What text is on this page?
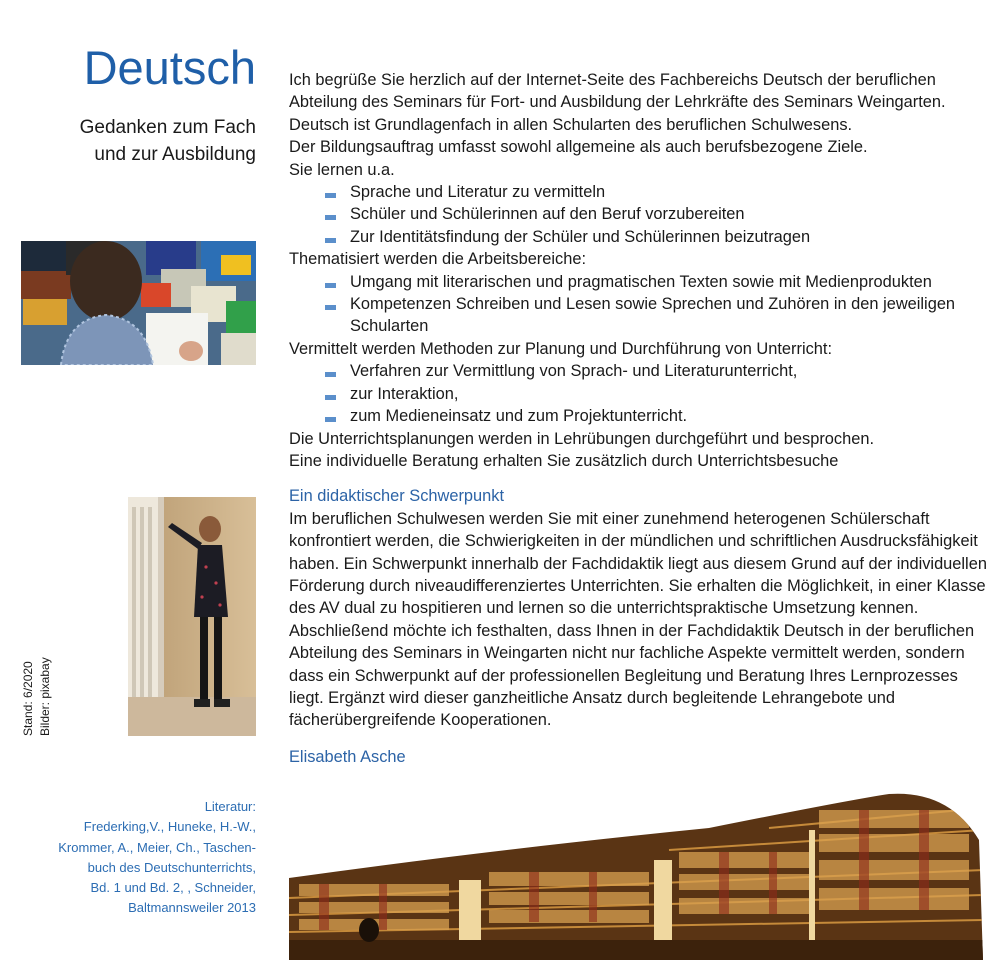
Deutsch
Gedanken zum Fach
und zur Ausbildung
Stand: 6/2020 Bilder: pixabay
Literatur:
Frederking,V., Huneke, H.-W.,
Krommer, A., Meier, Ch., Taschen-
buch des Deutschunterrichts,
Bd. 1 und Bd. 2, , Schneider,
Baltmannsweiler 2013

Ich begrüße Sie herzlich auf der Internet-Seite des Fachbereichs Deutsch der beruflichen Abteilung des Seminars für Fort- und Ausbildung der Lehrkräfte des Seminars Weingarten.

Deutsch ist Grundlagenfach in allen Schularten des beruflichen Schulwesens.

Der Bildungsauftrag umfasst sowohl allgemeine als auch berufsbezogene Ziele.

Sie lernen u.a.

Sprache und Literatur zu vermitteln
Schüler und Schülerinnen auf den Beruf vorzubereiten
Zur Identitätsfindung der Schüler und Schülerinnen beizutragen

Thematisiert werden die Arbeitsbereiche:

Umgang mit literarischen und pragmatischen Texten sowie mit Medienprodukten
Kompetenzen Schreiben und Lesen sowie Sprechen und Zuhören in den jeweiligen Schularten

Vermittelt werden Methoden zur Planung und Durchführung von Unterricht:

Verfahren zur Vermittlung von Sprach- und Literaturunterricht,
zur Interaktion,
zum Medieneinsatz und zum Projektunterricht.

Die Unterrichtsplanungen werden in Lehrübungen durchgeführt und besprochen.

Eine individuelle Beratung erhalten Sie zusätzlich durch Unterrichtsbesuche

Ein didaktischer Schwerpunkt

Im beruflichen Schulwesen werden Sie mit einer zunehmend heterogenen Schülerschaft konfrontiert werden, die Schwierigkeiten in der mündlichen und schriftlichen Ausdrucksfähigkeit haben. Ein Schwerpunkt innerhalb der Fachdidaktik liegt aus diesem Grund auf der individuellen Förderung durch niveaudifferenziertes Unterrichten. Sie erhalten die Möglichkeit, in einer Klasse des AV dual zu hospitieren und lernen so die unterrichtspraktische Umsetzung kennen.

Abschließend möchte ich festhalten, dass Ihnen in der Fachdidaktik Deutsch in der beruflichen Abteilung des Seminars in Weingarten nicht nur fachliche Aspekte vermittelt werden, sondern dass ein Schwerpunkt auf der professionellen Begleitung und Beratung Ihres Lernprozesses liegt. Ergänzt wird dieser ganzheitliche Ansatz durch begleitende Lehrangebote und fächerübergreifende Kooperationen.

Elisabeth Asche
